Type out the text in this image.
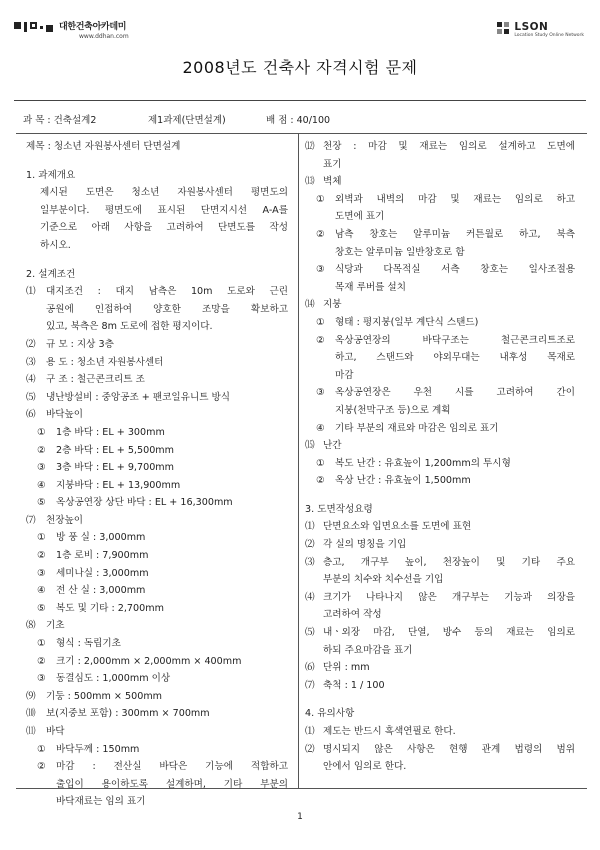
대한건축아카데미
www.ddhan.com
LSON
Location Study Online Network
2008년도 건축사 자격시험 문제
과 목 : 건축설계2	제1과제(단면설계)	배 점 : 40/100
제목 : 청소년 자원봉사센터 단면설계
1. 과제개요
제시된 도면은 청소년 자원봉사센터 평면도의
일부분이다. 평면도에 표시된 단면지시선 A-A를
기준으로 아래 사항을 고려하여 단면도를 작성
하시오.
2. 설계조건
⑴ 대지조건 : 대지 남측은 10m 도로와 근린
공원에 인접하여 양호한 조망을 확보하고
있고, 북측은 8m 도로에 접한 평지이다.
⑵ 규 모 : 지상 3층
⑶ 용 도 : 청소년 자원봉사센터
⑷ 구 조 : 철근콘크리트 조
⑸ 냉난방설비 : 중앙공조 + 팬코일유니트 방식
⑹ 바닥높이
① 1층 바닥 : EL + 300mm
② 2층 바닥 : EL + 5,500mm
③ 3층 바닥 : EL + 9,700mm
④ 지붕바닥 : EL + 13,900mm
⑤ 옥상공연장 상단 바닥 : EL + 16,300mm
⑺ 천장높이
① 방 풍 실 : 3,000mm
② 1층 로비 : 7,900mm
③ 세미나실 : 3,000mm
④ 전 산 실 : 3,000mm
⑤ 복도 및 기타 : 2,700mm
⑻ 기초
① 형식 : 독립기초
② 크기 : 2,000mm × 2,000mm × 400mm
③ 동결심도 : 1,000mm 이상
⑼ 기둥 : 500mm × 500mm
⑽ 보(지중보 포함) : 300mm × 700mm
⑾ 바닥
① 바닥두께 : 150mm
② 마감 : 전산실 바닥은 기능에 적합하고
출입이 용이하도록 설계하며, 기타 부분의
바닥재료는 임의 표기
⑿ 천장 : 마감 및 재료는 임의로 설계하고 도면에
표기
⒀ 벽체
① 외벽과 내벽의 마감 및 재료는 임의로 하고
도면에 표기
② 남측 창호는 알루미늄 커튼월로 하고, 북측
창호는 알루미늄 일반창호로 함
③ 식당과 다목적실 서측 창호는 일사조절용
목재 루버를 설치
⒁ 지붕
① 형태 : 평지붕(일부 계단식 스탠드)
② 옥상공연장의 바닥구조는 철근콘크리트조로
하고, 스탠드와 야외무대는 내후성 목재로
마감
③ 옥상공연장은 우천 시를 고려하여 간이
지붕(천막구조 등)으로 계획
④ 기타 부분의 재료와 마감은 임의로 표기
⒂ 난간
① 복도 난간 : 유효높이 1,200mm의 투시형
② 옥상 난간 : 유효높이 1,500mm
3. 도면작성요령
⑴ 단면요소와 입면요소를 도면에 표현
⑵ 각 실의 명칭을 기입
⑶ 층고, 개구부 높이, 천장높이 및 기타 주요
부분의 치수와 치수선을 기입
⑷ 크기가 나타나지 않은 개구부는 기능과 의장을
고려하여 작성
⑸ 내ㆍ외장 마감, 단열, 방수 등의 재료는 임의로
하되 주요마감을 표기
⑹ 단위 : mm
⑺ 축척 : 1 / 100
4. 유의사항
⑴ 제도는 반드시 흑색연필로 한다.
⑵ 명시되지 않은 사항은 현행 관계 법령의 범위
안에서 임의로 한다.
1
